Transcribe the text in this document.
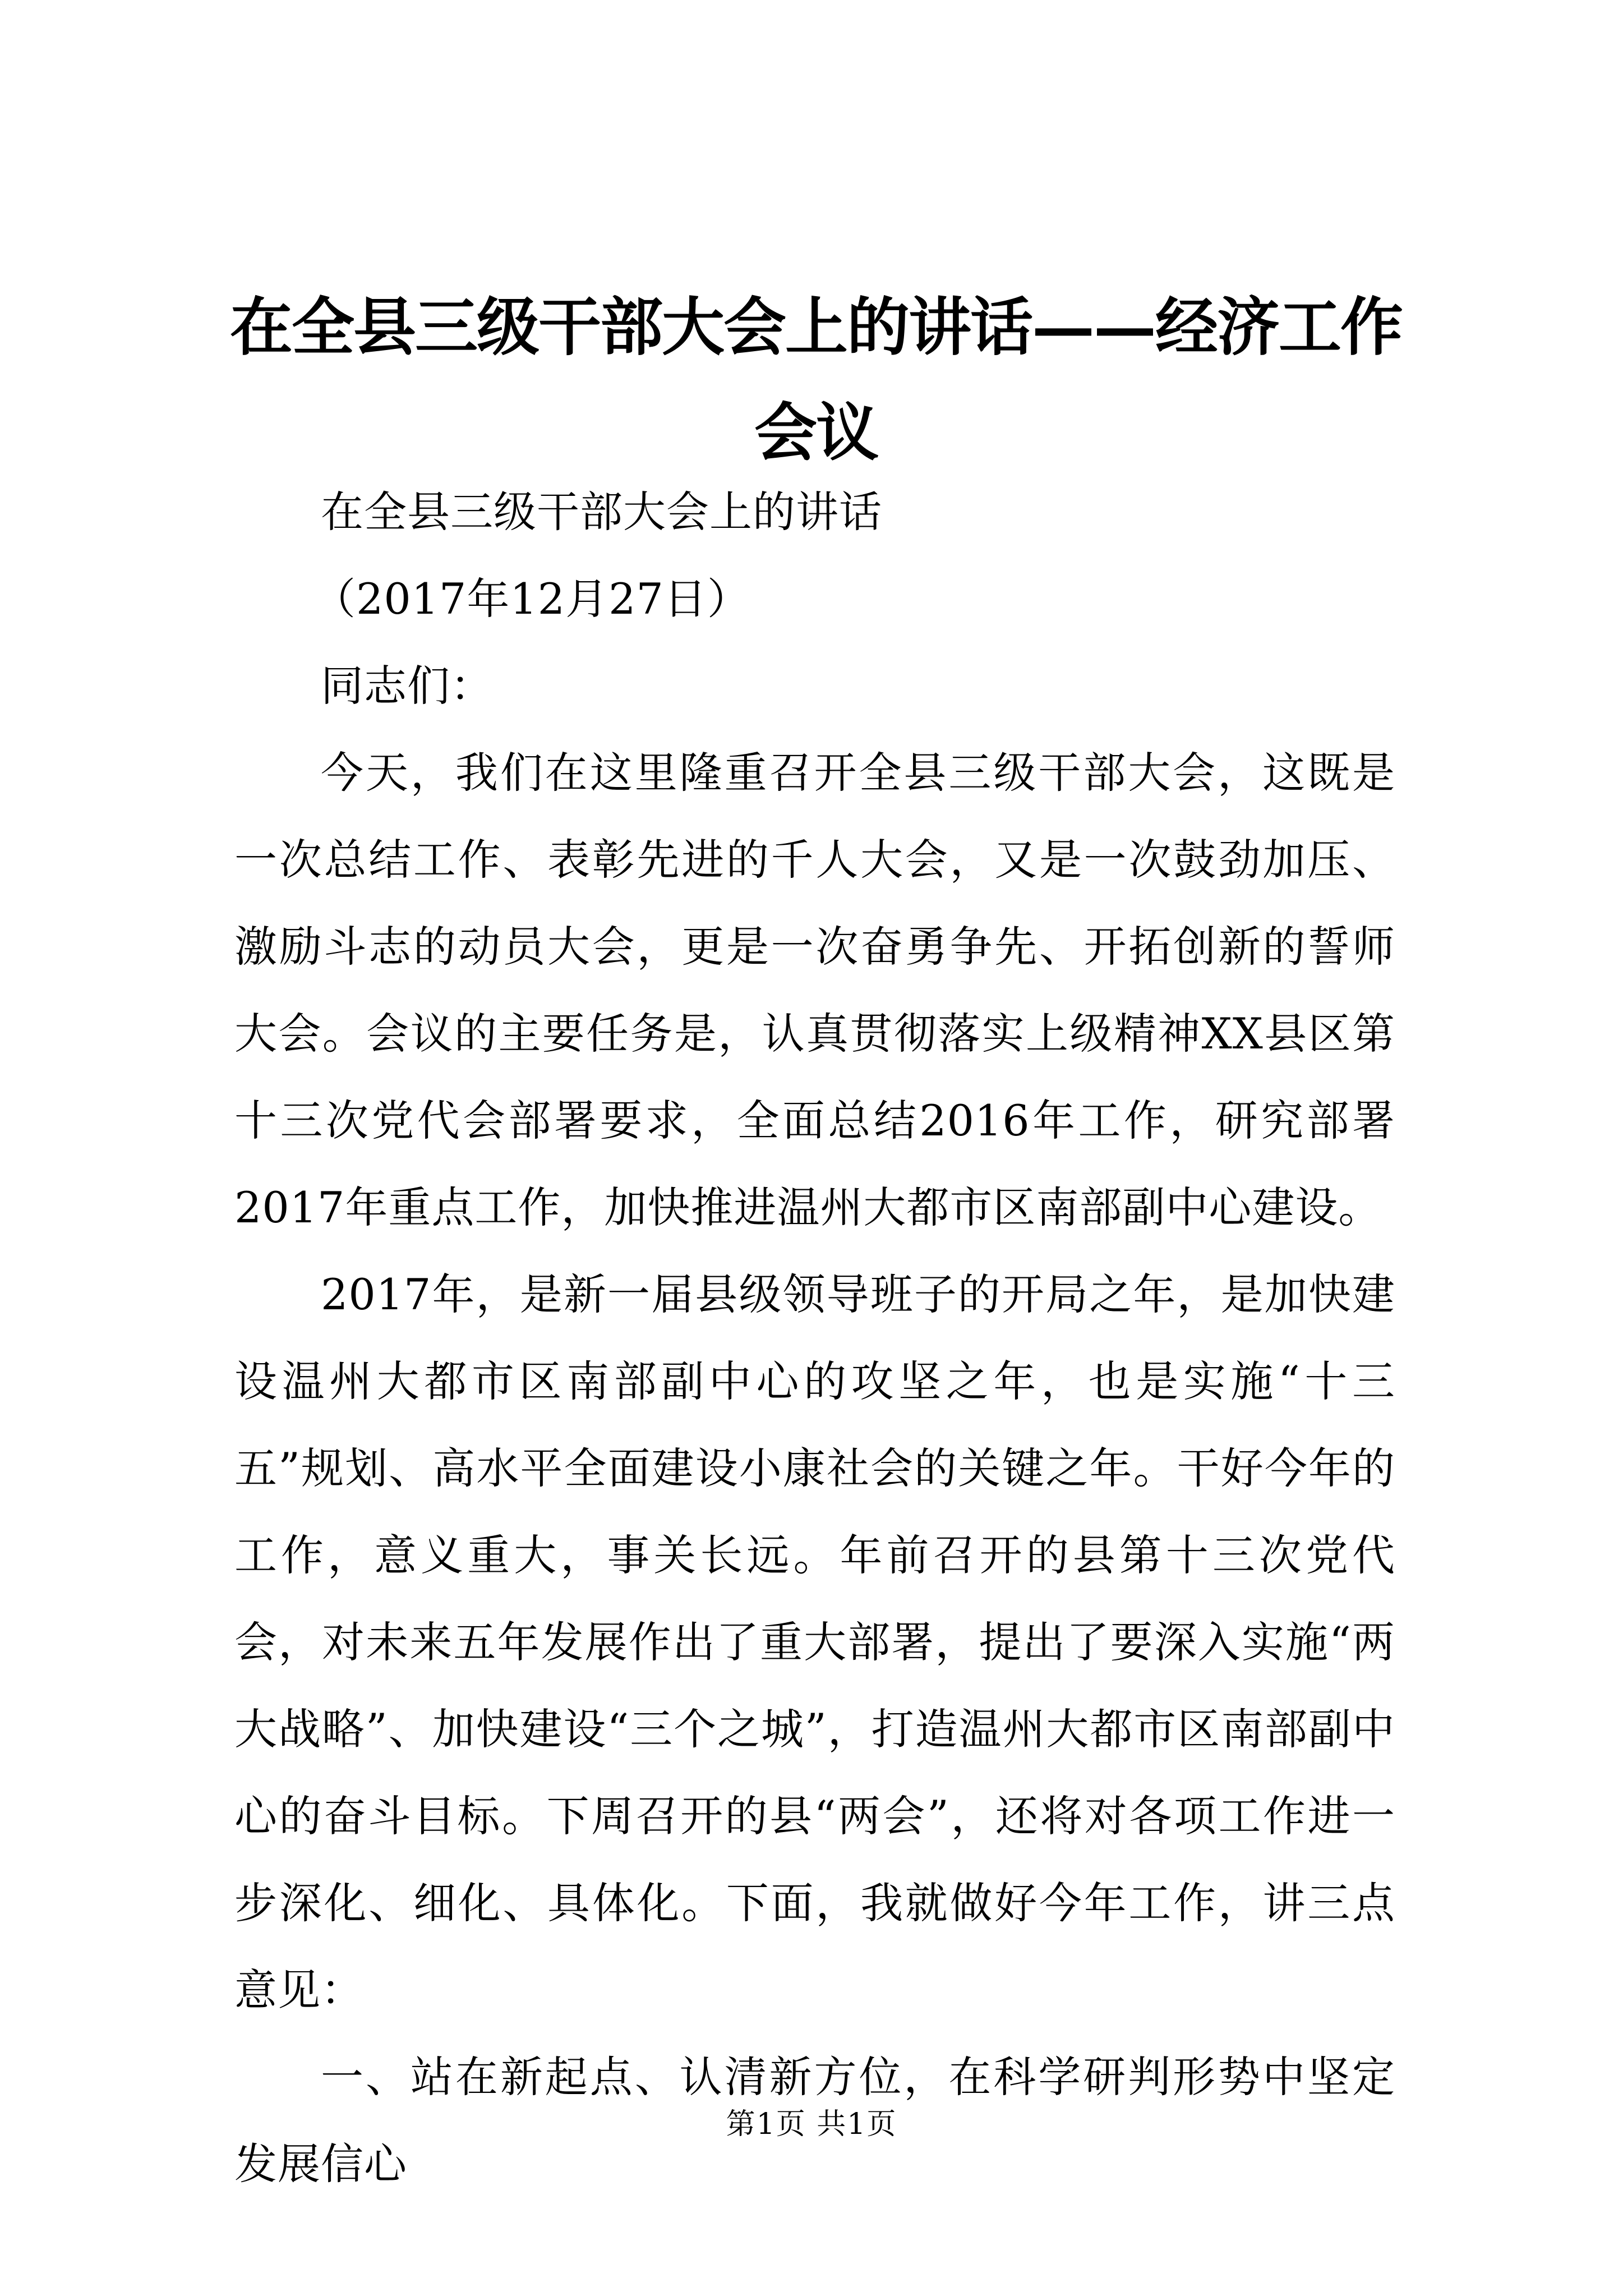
在全县三级干部大会上的讲话——经济工作会议

在全县三级干部大会上的讲话

（2017年12月27日）

同志们：

今天，我们在这里隆重召开全县三级干部大会，这既是一次总结工作、表彰先进的千人大会，又是一次鼓劲加压、激励斗志的动员大会，更是一次奋勇争先、开拓创新的誓师大会。会议的主要任务是，认真贯彻落实上级精神XX县区第十三次党代会部署要求，全面总结2016年工作，研究部署2017年重点工作，加快推进温州大都市区南部副中心建设。

2017年，是新一届县级领导班子的开局之年，是加快建设温州大都市区南部副中心的攻坚之年，也是实施“十三五”规划、高水平全面建设小康社会的关键之年。干好今年的工作，意义重大，事关长远。年前召开的县第十三次党代会，对未来五年发展作出了重大部署，提出了要深入实施“两大战略”、加快建设“三个之城”，打造温州大都市区南部副中心的奋斗目标。下周召开的县“两会”，还将对各项工作进一步深化、细化、具体化。下面，我就做好今年工作，讲三点意见：

一、站在新起点、认清新方位，在科学研判形势中坚定发展信心

第1页 共1页
